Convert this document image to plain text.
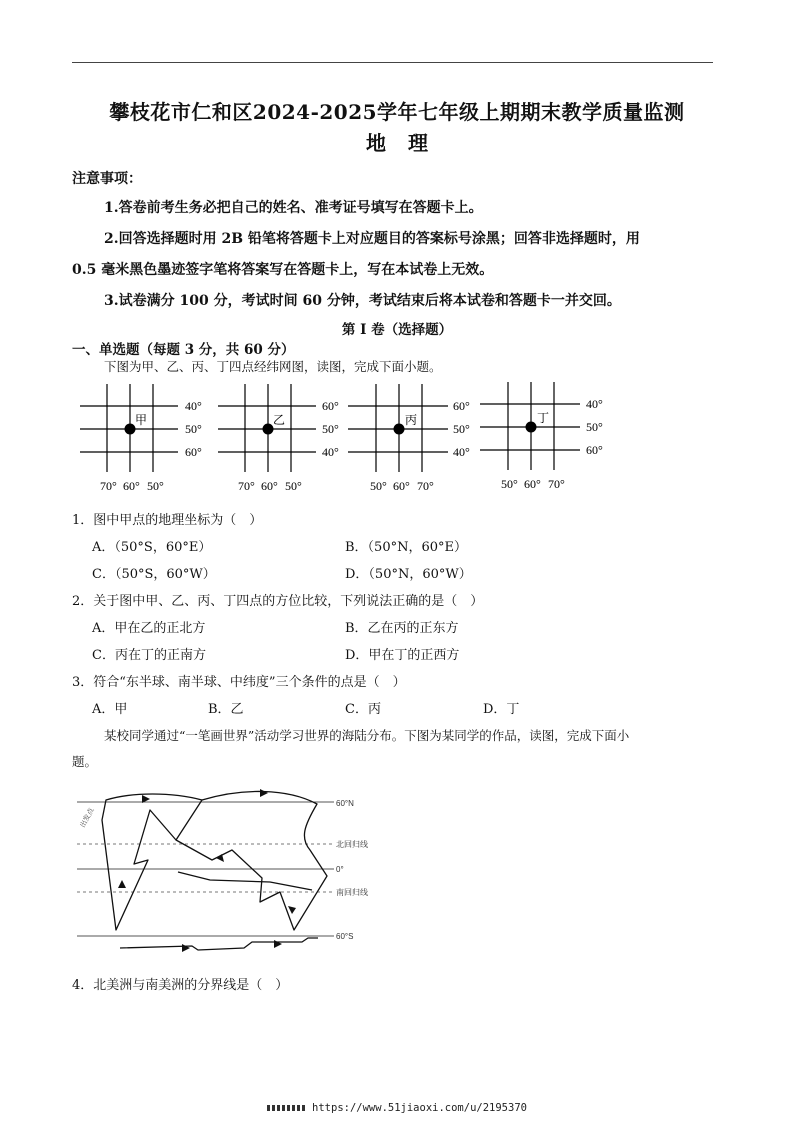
攀枝花市仁和区2024-2025学年七年级上期期末教学质量监测
地理
注意事项：
1.答卷前考生务必把自己的姓名、准考证号填写在答题卡上。
2.回答选择题时用 2B 铅笔将答题卡上对应题目的答案标号涂黑；回答非选择题时，用
0.5 毫米黑色墨迹签字笔将答案写在答题卡上，写在本试卷上无效。
3.试卷满分 100 分，考试时间 60 分钟，考试结束后将本试卷和答题卡一并交回。
第 I 卷（选择题）
一、单选题（每题 3 分，共 60 分）
下图为甲、乙、丙、丁四点经纬网图，读图，完成下面小题。
甲
40°
50°
60°
70° 60° 50°
乙
60°
50°
40°
70° 60° 50°
丙
60°
50°
40°
50° 60° 70°
丁
40°
50°
60°
50° 60° 70°
1．图中甲点的地理坐标为（　）
A．（50°S，60°E）	B．（50°N，60°E）
C．（50°S，60°W）	D．（50°N，60°W）
2．关于图中甲、乙、丙、丁四点的方位比较，下列说法正确的是（　）
A．甲在乙的正北方	B．乙在丙的正东方
C．丙在丁的正南方	D．甲在丁的正西方
3．符合“东半球、南半球、中纬度”三个条件的点是（　）
A．甲	B．乙	C．丙	D．丁
某校同学通过“一笔画世界”活动学习世界的海陆分布。下图为某同学的作品，读图，完成下面小
题。
60°N
北回归线
0°
南回归线
60°S
出发点
4．北美洲与南美洲的分界线是（　）
https://www.51jiaoxi.com/u/2195370
